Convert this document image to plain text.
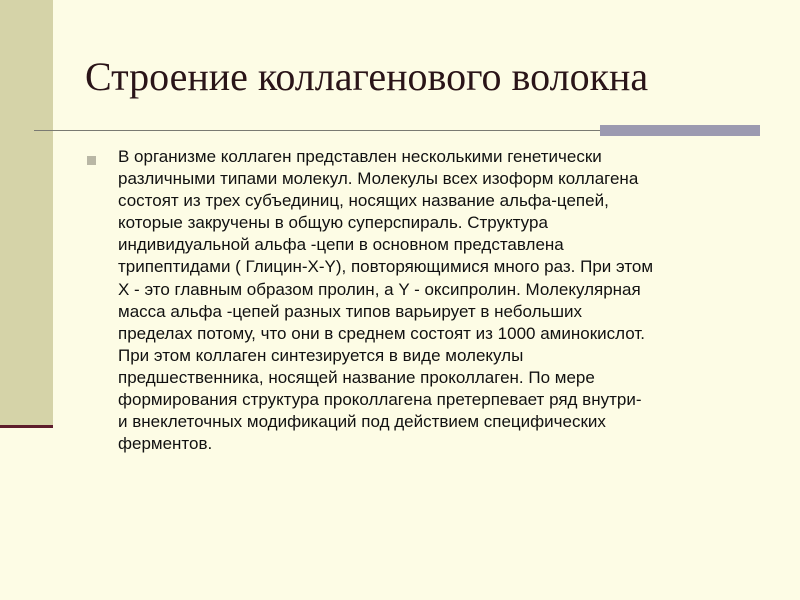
Строение коллагенового волокна

В организме коллаген представлен несколькими генетически
различными типами молекул. Молекулы всех изоформ коллагена
состоят из трех субъединиц, носящих название альфа-цепей,
которые закручены в общую суперспираль. Структура
индивидуальной альфа -цепи в основном представлена
трипептидами ( Глицин-X-Y), повторяющимися много раз. При этом
X - это главным образом пролин, а Y - оксипролин. Молекулярная
масса альфа -цепей разных типов варьирует в небольших
пределах потому, что они в среднем состоят из 1000 аминокислот.
При этом коллаген синтезируется в виде молекулы
предшественника, носящей название проколлаген. По мере
формирования структура проколлагена претерпевает ряд внутри-
и внеклеточных модификаций под действием специфических
ферментов.
